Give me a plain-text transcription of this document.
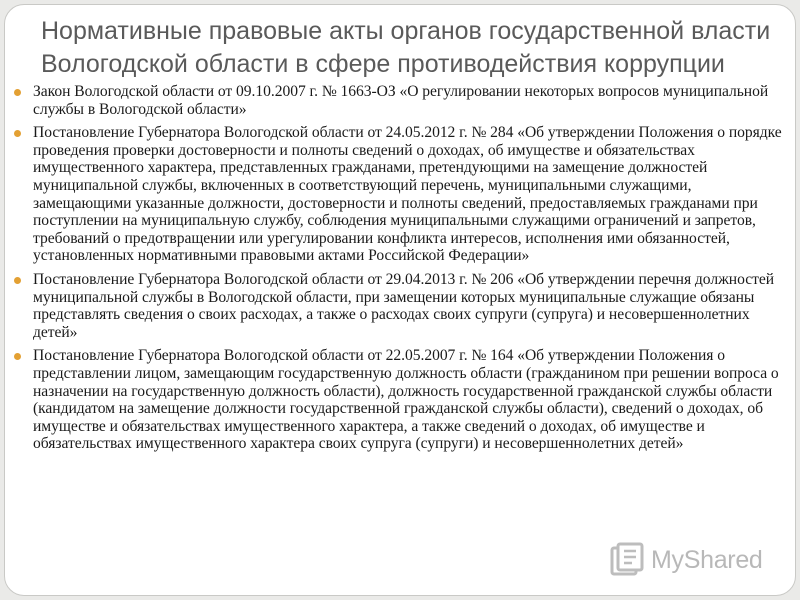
Нормативные правовые акты органов государственной власти Вологодской области в сфере противодействия коррупции
Закон Вологодской области от 09.10.2007 г. № 1663-ОЗ «О регулировании некоторых вопросов муниципальной службы в Вологодской области»
Постановление Губернатора Вологодской области от 24.05.2012 г. № 284 «Об утверждении Положения о порядке проведения проверки достоверности и полноты сведений о доходах, об имуществе и обязательствах имущественного характера, представленных гражданами, претендующими на замещение должностей муниципальной службы, включенных в соответствующий перечень, муниципальными служащими, замещающими указанные должности, достоверности и полноты сведений, предоставляемых гражданами при поступлении на муниципальную службу, соблюдения муниципальными служащими ограничений и запретов, требований о предотвращении или урегулировании конфликта интересов, исполнения ими обязанностей, установленных нормативными правовыми актами Российской Федерации»
Постановление Губернатора Вологодской области от 29.04.2013 г. № 206 «Об утверждении перечня должностей муниципальной службы в Вологодской области, при замещении которых муниципальные служащие обязаны представлять сведения о своих расходах, а также о расходах своих супруги (супруга) и несовершеннолетних детей»
Постановление Губернатора Вологодской области от 22.05.2007 г. № 164 «Об утверждении Положения о представлении лицом, замещающим государственную должность области (гражданином при решении вопроса о назначении на государственную должность области), должность государственной гражданской службы области (кандидатом на замещение должности государственной гражданской службы области), сведений о доходах, об имуществе и обязательствах имущественного характера, а также сведений о доходах, об имуществе и обязательствах имущественного характера своих супруга (супруги) и несовершеннолетних детей»
MyShared
